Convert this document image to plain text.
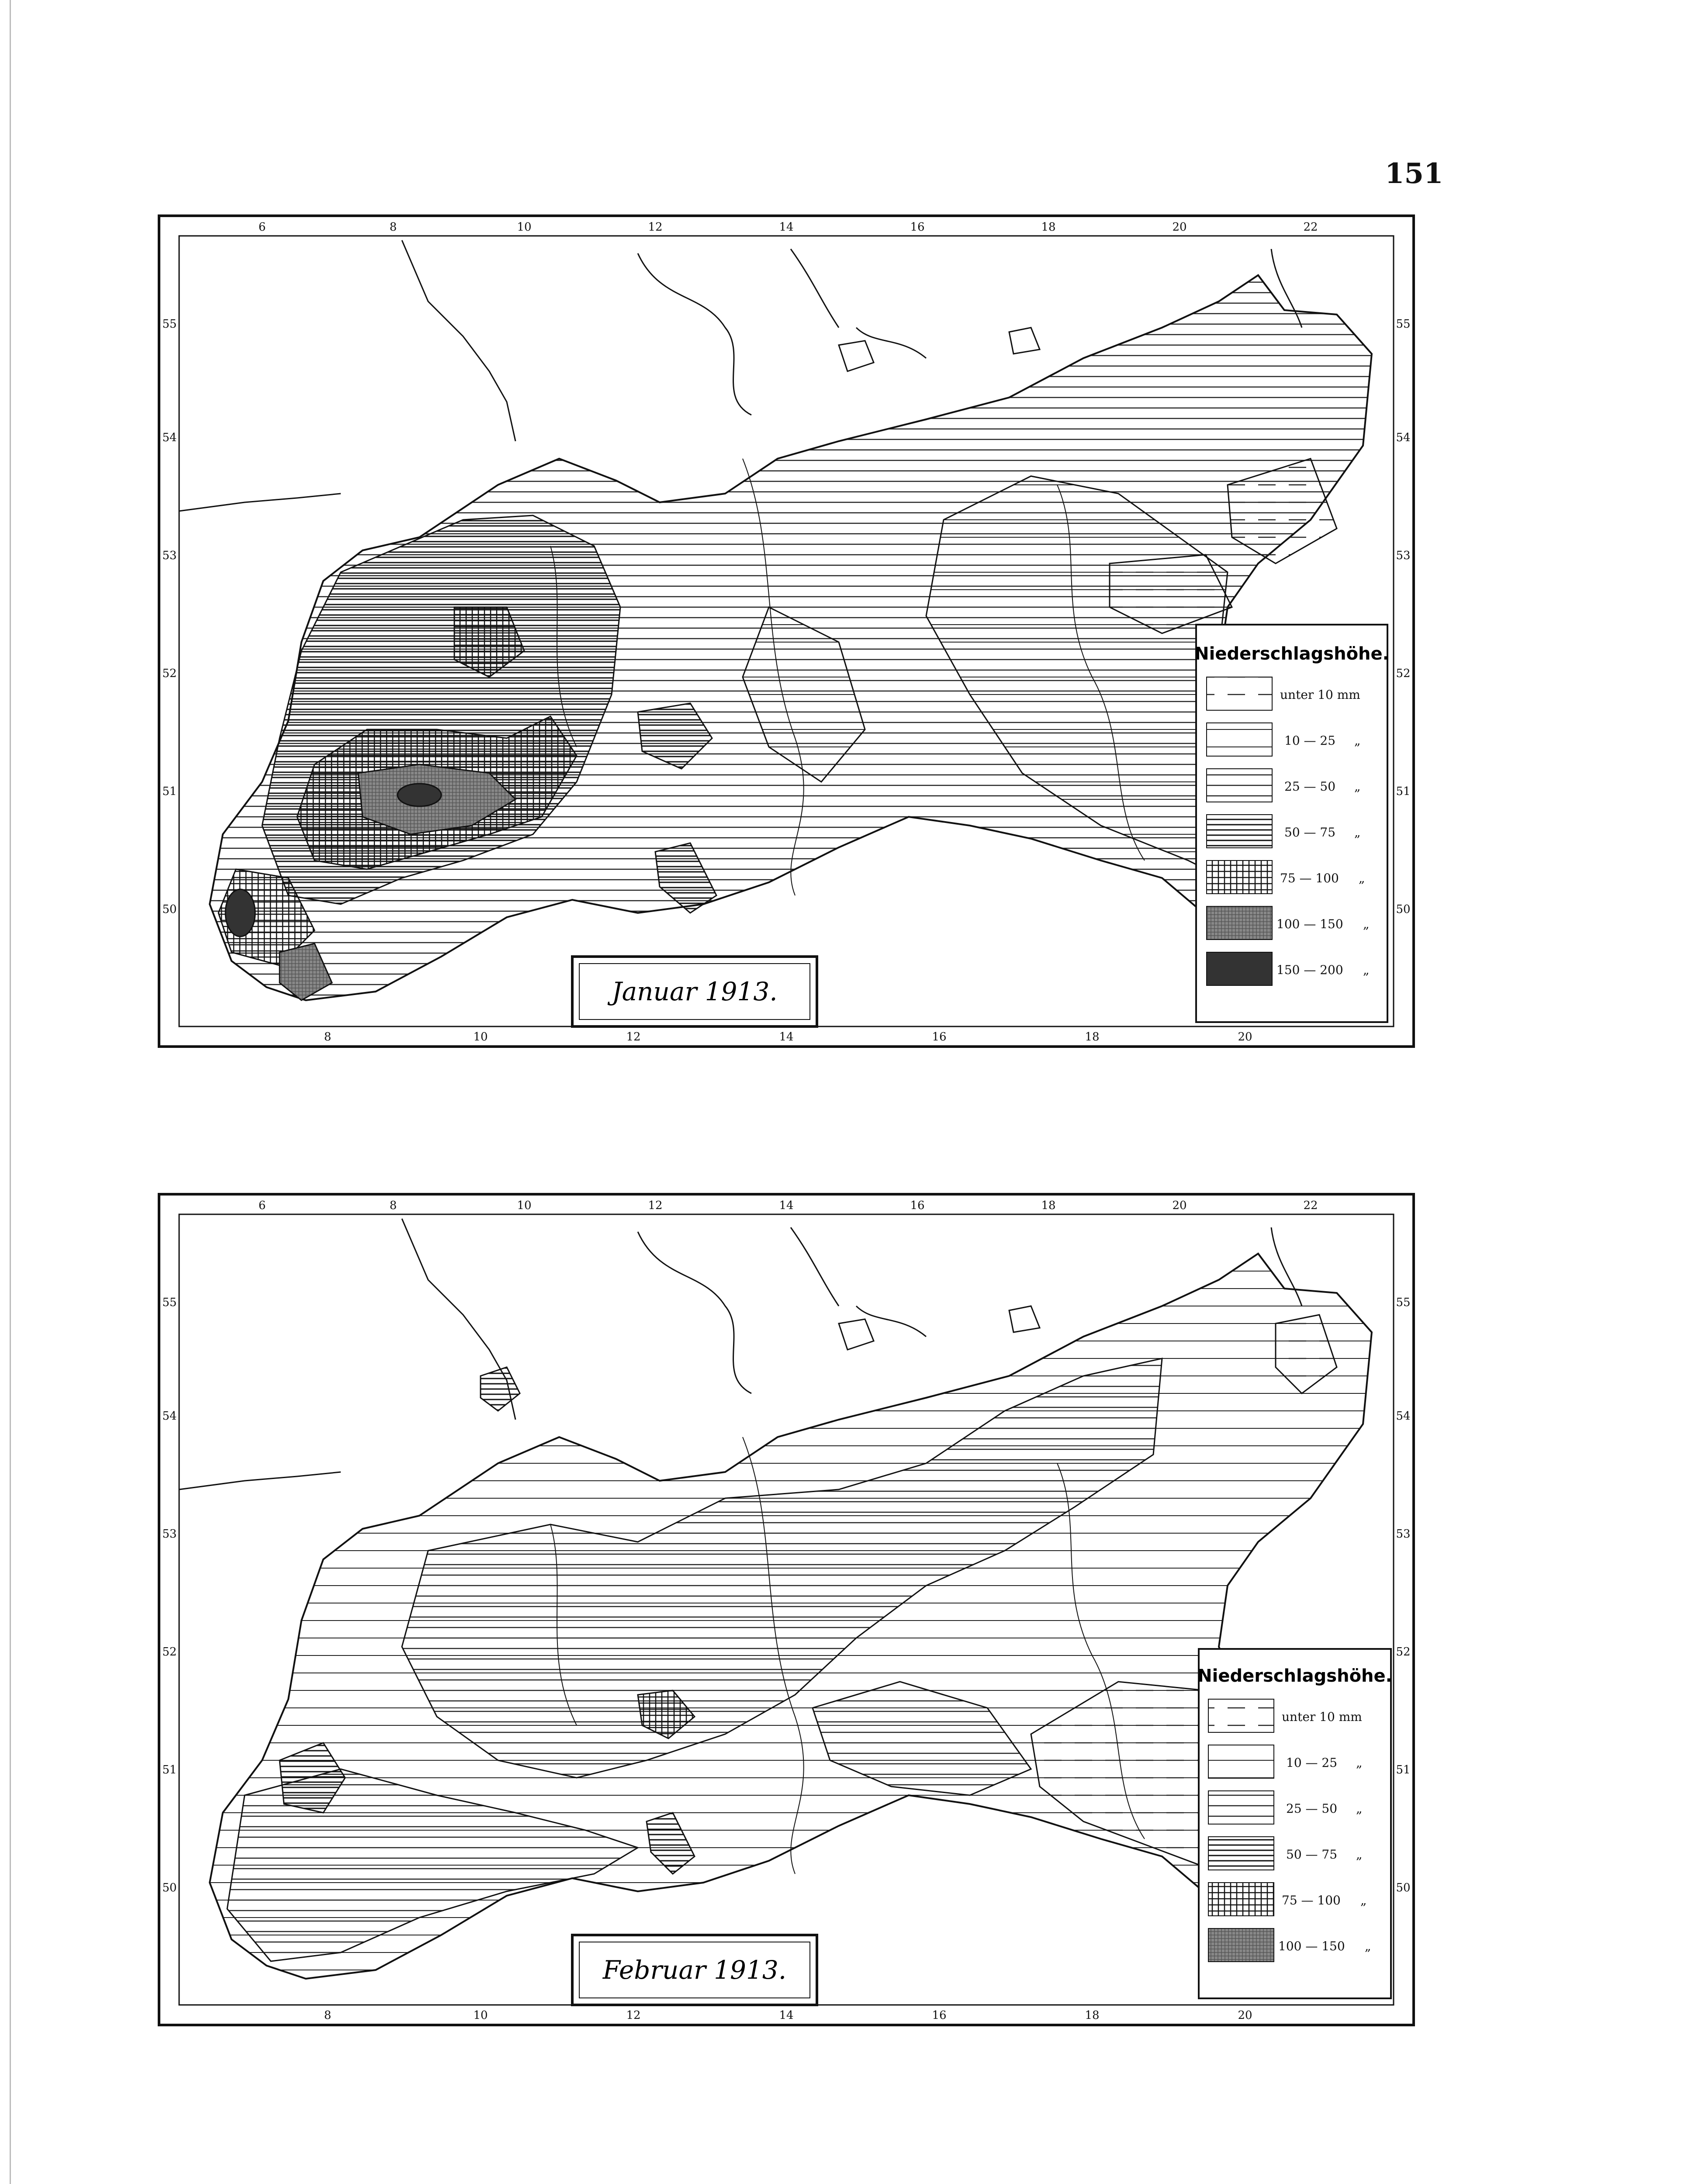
151
6	8	10	12	14	16	18	20	22
8	10	12	14	16	18	20
55
54
53
52
51
50
55
54
53
52
51
50
Niederschlagshöhe.
unter 10 mm
10 — 25 „
25 — 50 „
50 — 75 „
75 — 100 „
100 — 150 „
150 — 200 „
Januar 1913.
6	8	10	12	14	16	18	20	22
8	10	12	14	16	18	20
55
54
53
52
51
50
55
54
53
52
51
50
Niederschlagshöhe.
unter 10 mm
10 — 25 „
25 — 50 „
50 — 75 „
75 — 100 „
100 — 150 „
Februar 1913.
